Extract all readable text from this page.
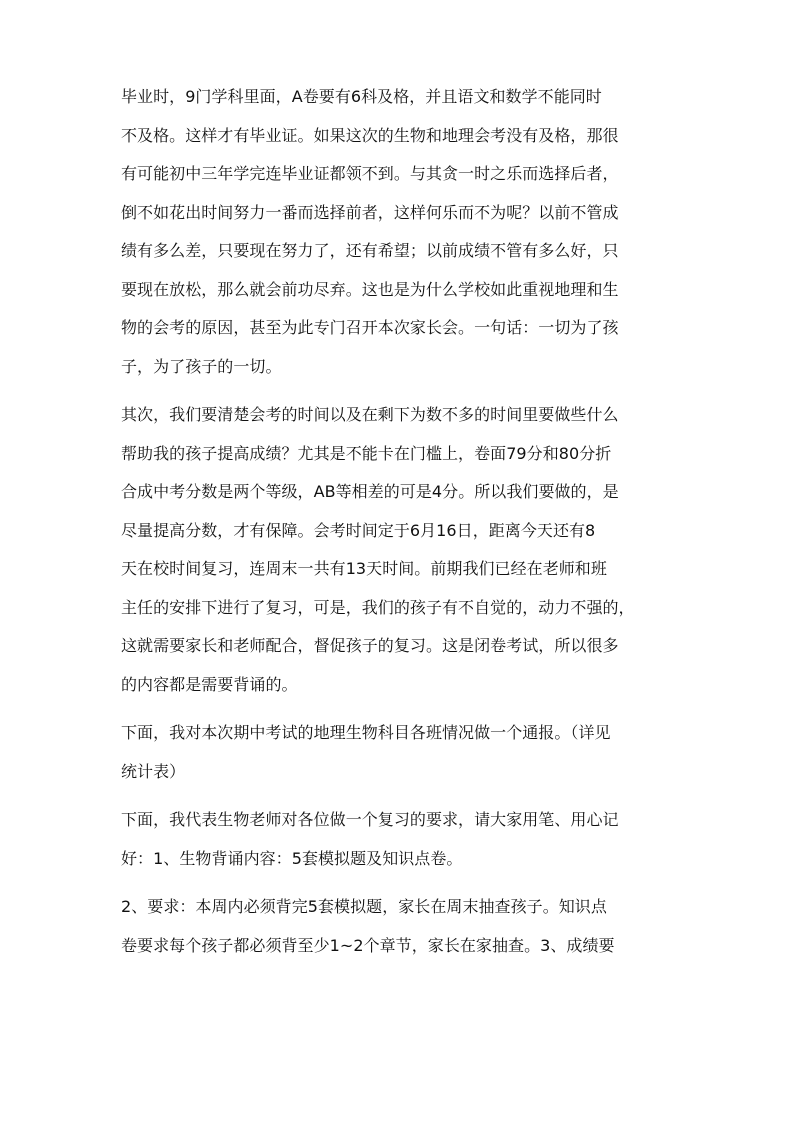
毕业时，9门学科里面，A卷要有6科及格，并且语文和数学不能同时
不及格。这样才有毕业证。如果这次的生物和地理会考没有及格，那很
有可能初中三年学完连毕业证都领不到。与其贪一时之乐而选择后者，
倒不如花出时间努力一番而选择前者，这样何乐而不为呢？以前不管成
绩有多么差，只要现在努力了，还有希望；以前成绩不管有多么好，只
要现在放松，那么就会前功尽弃。这也是为什么学校如此重视地理和生
物的会考的原因，甚至为此专门召开本次家长会。一句话：一切为了孩
子，为了孩子的一切。

其次，我们要清楚会考的时间以及在剩下为数不多的时间里要做些什么
帮助我的孩子提高成绩？尤其是不能卡在门槛上，卷面79分和80分折
合成中考分数是两个等级，AB等相差的可是4分。所以我们要做的，是
尽量提高分数，才有保障。会考时间定于6月16日，距离今天还有8
天在校时间复习，连周末一共有13天时间。前期我们已经在老师和班
主任的安排下进行了复习，可是，我们的孩子有不自觉的，动力不强的，
这就需要家长和老师配合，督促孩子的复习。这是闭卷考试，所以很多
的内容都是需要背诵的。

下面，我对本次期中考试的地理生物科目各班情况做一个通报。（详见
统计表）

下面，我代表生物老师对各位做一个复习的要求，请大家用笔、用心记
好：1、生物背诵内容：5套模拟题及知识点卷。

2、要求：本周内必须背完5套模拟题，家长在周末抽查孩子。知识点
卷要求每个孩子都必须背至少1~2个章节，家长在家抽查。3、成绩要
